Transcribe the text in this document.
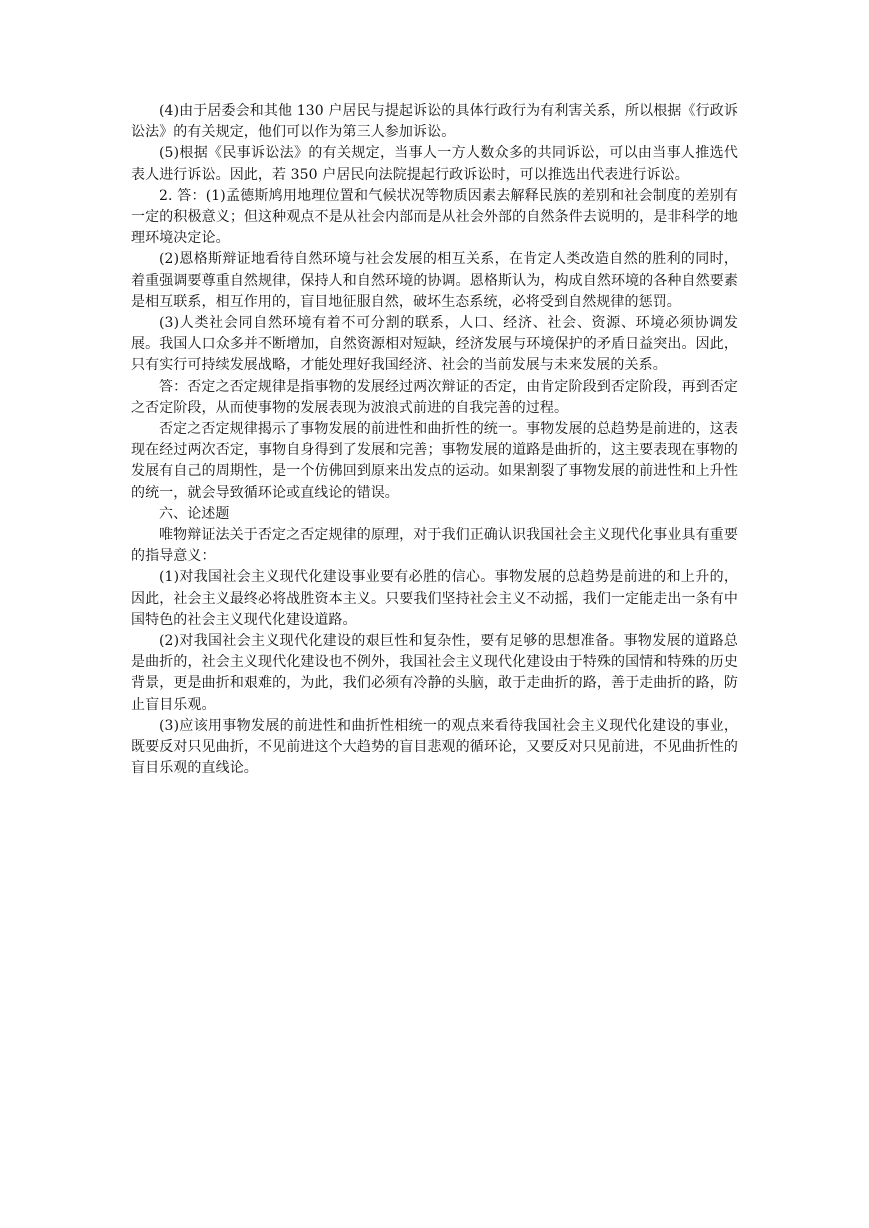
(4)由于居委会和其他 130 户居民与提起诉讼的具体行政行为有利害关系，所以根据《行政诉讼法》的有关规定，他们可以作为第三人参加诉讼。

(5)根据《民事诉讼法》的有关规定，当事人一方人数众多的共同诉讼，可以由当事人推选代表人进行诉讼。因此，若 350 户居民向法院提起行政诉讼时，可以推选出代表进行诉讼。

2. 答：(1)孟德斯鸠用地理位置和气候状况等物质因素去解释民族的差别和社会制度的差别有一定的积极意义；但这种观点不是从社会内部而是从社会外部的自然条件去说明的，是非科学的地理环境决定论。

(2)恩格斯辩证地看待自然环境与社会发展的相互关系，在肯定人类改造自然的胜利的同时，着重强调要尊重自然规律，保持人和自然环境的协调。恩格斯认为，构成自然环境的各种自然要素是相互联系，相互作用的，盲目地征服自然，破坏生态系统，必将受到自然规律的惩罚。

(3)人类社会同自然环境有着不可分割的联系，人口、经济、社会、资源、环境必须协调发展。我国人口众多并不断增加，自然资源相对短缺，经济发展与环境保护的矛盾日益突出。因此，只有实行可持续发展战略，才能处理好我国经济、社会的当前发展与未来发展的关系。

答：否定之否定规律是指事物的发展经过两次辩证的否定，由肯定阶段到否定阶段，再到否定之否定阶段，从而使事物的发展表现为波浪式前进的自我完善的过程。

否定之否定规律揭示了事物发展的前进性和曲折性的统一。事物发展的总趋势是前进的，这表现在经过两次否定，事物自身得到了发展和完善；事物发展的道路是曲折的，这主要表现在事物的发展有自己的周期性，是一个仿佛回到原来出发点的运动。如果割裂了事物发展的前进性和上升性的统一，就会导致循环论或直线论的错误。

六、论述题

唯物辩证法关于否定之否定规律的原理，对于我们正确认识我国社会主义现代化事业具有重要的指导意义：

(1)对我国社会主义现代化建设事业要有必胜的信心。事物发展的总趋势是前进的和上升的，因此，社会主义最终必将战胜资本主义。只要我们坚持社会主义不动摇，我们一定能走出一条有中国特色的社会主义现代化建设道路。

(2)对我国社会主义现代化建设的艰巨性和复杂性，要有足够的思想准备。事物发展的道路总是曲折的，社会主义现代化建设也不例外，我国社会主义现代化建设由于特殊的国情和特殊的历史背景，更是曲折和艰难的，为此，我们必须有冷静的头脑，敢于走曲折的路，善于走曲折的路，防止盲目乐观。

(3)应该用事物发展的前进性和曲折性相统一的观点来看待我国社会主义现代化建设的事业，既要反对只见曲折，不见前进这个大趋势的盲目悲观的循环论，又要反对只见前进，不见曲折性的盲目乐观的直线论。
